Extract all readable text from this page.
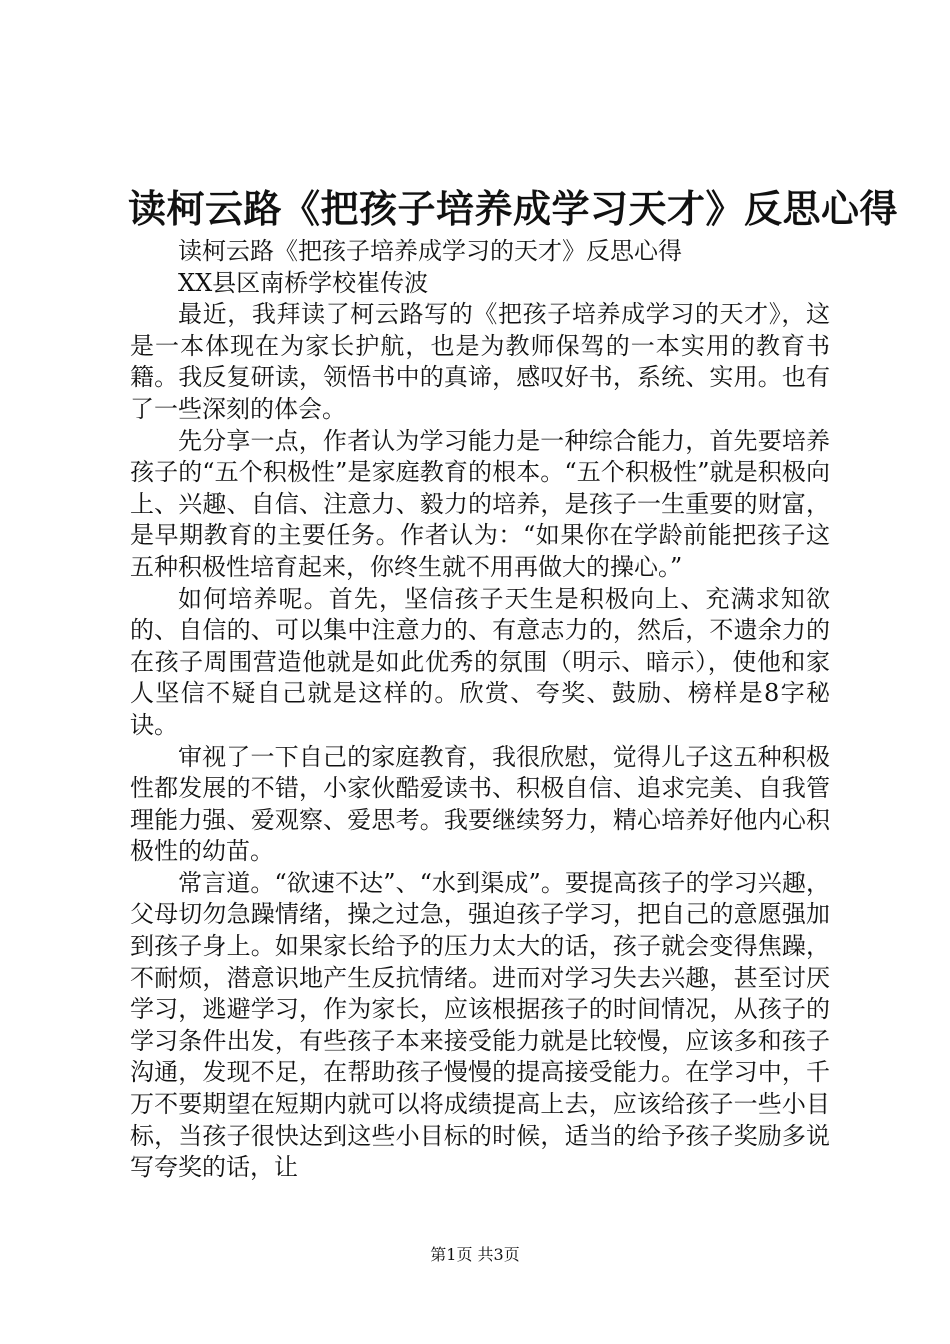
读柯云路《把孩子培养成学习天才》反思心得

读柯云路《把孩子培养成学习的天才》反思心得

XX县区南桥学校崔传波

最近，我拜读了柯云路写的《把孩子培养成学习的天才》，这是一本体现在为家长护航，也是为教师保驾的一本实用的教育书籍。我反复研读，领悟书中的真谛，感叹好书，系统、实用。也有了一些深刻的体会。

先分享一点，作者认为学习能力是一种综合能力，首先要培养孩子的“五个积极性”是家庭教育的根本。“五个积极性”就是积极向上、兴趣、自信、注意力、毅力的培养，是孩子一生重要的财富，是早期教育的主要任务。作者认为：“如果你在学龄前能把孩子这五种积极性培育起来，你终生就不用再做大的操心。”

如何培养呢。首先，坚信孩子天生是积极向上、充满求知欲的、自信的、可以集中注意力的、有意志力的，然后，不遗余力的在孩子周围营造他就是如此优秀的氛围（明示、暗示），使他和家人坚信不疑自己就是这样的。欣赏、夸奖、鼓励、榜样是8字秘诀。

审视了一下自己的家庭教育，我很欣慰，觉得儿子这五种积极性都发展的不错，小家伙酷爱读书、积极自信、追求完美、自我管理能力强、爱观察、爱思考。我要继续努力，精心培养好他内心积极性的幼苗。

常言道。“欲速不达”、“水到渠成”。要提高孩子的学习兴趣，父母切勿急躁情绪，操之过急，强迫孩子学习，把自己的意愿强加到孩子身上。如果家长给予的压力太大的话，孩子就会变得焦躁，不耐烦，潜意识地产生反抗情绪。进而对学习失去兴趣，甚至讨厌学习，逃避学习，作为家长，应该根据孩子的时间情况，从孩子的学习条件出发，有些孩子本来接受能力就是比较慢，应该多和孩子沟通，发现不足，在帮助孩子慢慢的提高接受能力。在学习中，千万不要期望在短期内就可以将成绩提高上去，应该给孩子一些小目标，当孩子很快达到这些小目标的时候，适当的给予孩子奖励多说写夸奖的话，让

第1页 共3页
